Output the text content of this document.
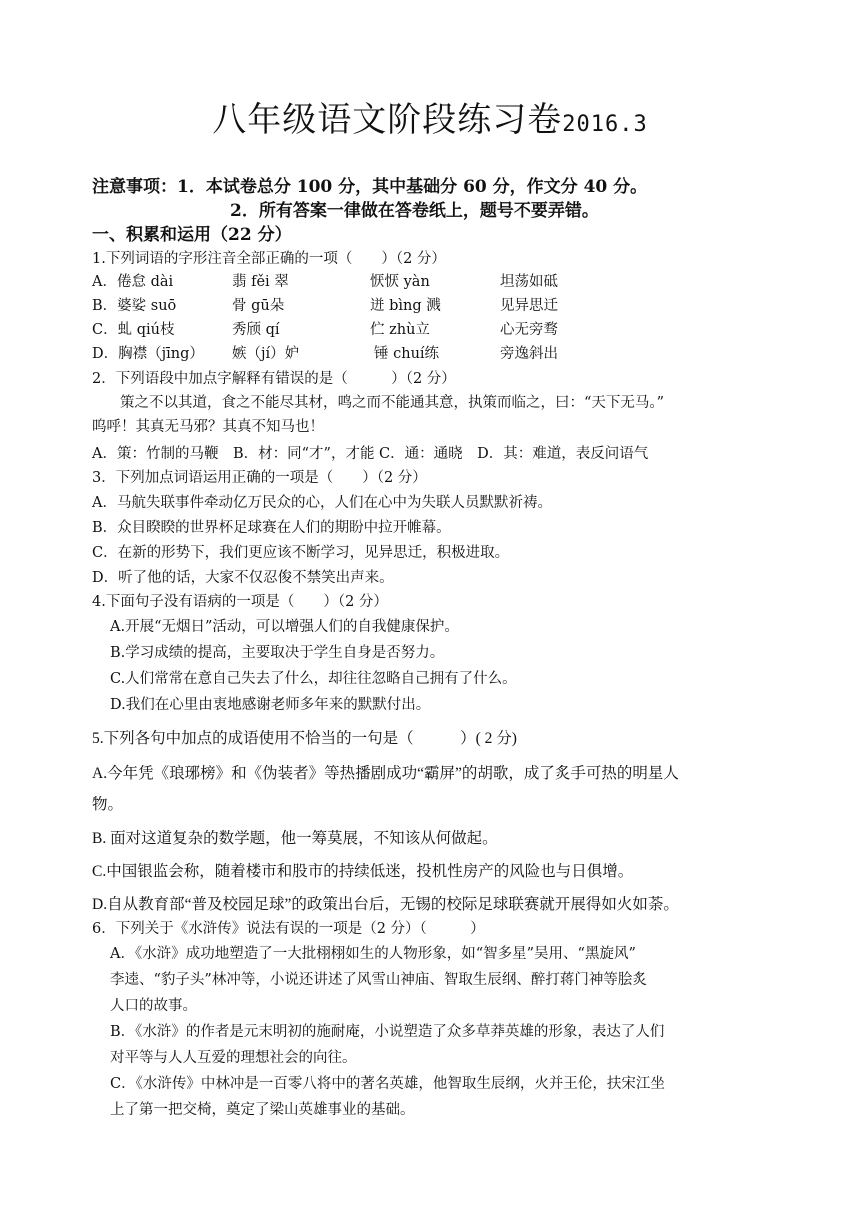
八年级语文阶段练习卷2016.3
注意事项：1．本试卷总分 100 分，其中基础分 60 分，作文分 40 分。
2．所有答案一律做在答卷纸上，题号不要弄错。
一、积累和运用（22 分）
1.下列词语的字形注音全部正确的一项（　　）（2 分）
A．倦怠 dài	翡 fěi 翠	恹恹 yàn	坦荡如砥
B．婆娑 suō	骨 gū朵	迸 bìng 溅	见异思迁
C．虬 qiú枝	秀颀 qí	伫 zhù立	心无旁骛
D．胸襟（jīng） 嫉（jí）妒	锤 chuí练	旁逸斜出
2．下列语段中加点字解释有错误的是（　　　）（2 分）
策之不以其道，食之不能尽其材，鸣之而不能通其意，执策而临之，曰：“天下无马。”
呜呼！其真无马邪？其真不知马也！
A．策：竹制的马鞭　B．材：同“才”，才能 C．通：通晓　D．其：难道，表反问语气
3．下列加点词语运用正确的一项是（　　）（2 分）
A．马航失联事件牵动亿万民众的心，人们在心中为失联人员默默祈祷。
B．众目睽睽的世界杯足球赛在人们的期盼中拉开帷幕。
C．在新的形势下，我们更应该不断学习，见异思迁，积极进取。
D．听了他的话，大家不仅忍俊不禁笑出声来。
4.下面句子没有语病的一项是（　　）（2 分）
A.开展“无烟日”活动，可以增强人们的自我健康保护。
B.学习成绩的提高，主要取决于学生自身是否努力。
C.人们常常在意自己失去了什么，却往往忽略自己拥有了什么。
D.我们在心里由衷地感谢老师多年来的默默付出。
5.下列各句中加点的成语使用不恰当的一句是（　　　）( 2 分)
A.今年凭《琅琊榜》和《伪装者》等热播剧成功“霸屏”的胡歌，成了炙手可热的明星人
物。
B. 面对这道复杂的数学题，他一筹莫展，不知该从何做起。
C.中国银监会称，随着楼市和股市的持续低迷，投机性房产的风险也与日俱增。
D.自从教育部“普及校园足球”的政策出台后，无锡的校际足球联赛就开展得如火如荼。
6．下列关于《水浒传》说法有误的一项是（2 分）（　　　）
A．《水浒》成功地塑造了一大批栩栩如生的人物形象，如“智多星”吴用、“黑旋风”
李逵、“豹子头”林冲等，小说还讲述了风雪山神庙、智取生辰纲、醉打蒋门神等脍炙
人口的故事。
B．《水浒》的作者是元末明初的施耐庵，小说塑造了众多草莽英雄的形象，表达了人们
对平等与人人互爱的理想社会的向往。
C．《水浒传》中林冲是一百零八将中的著名英雄，他智取生辰纲，火并王伦，扶宋江坐
上了第一把交椅，奠定了梁山英雄事业的基础。
